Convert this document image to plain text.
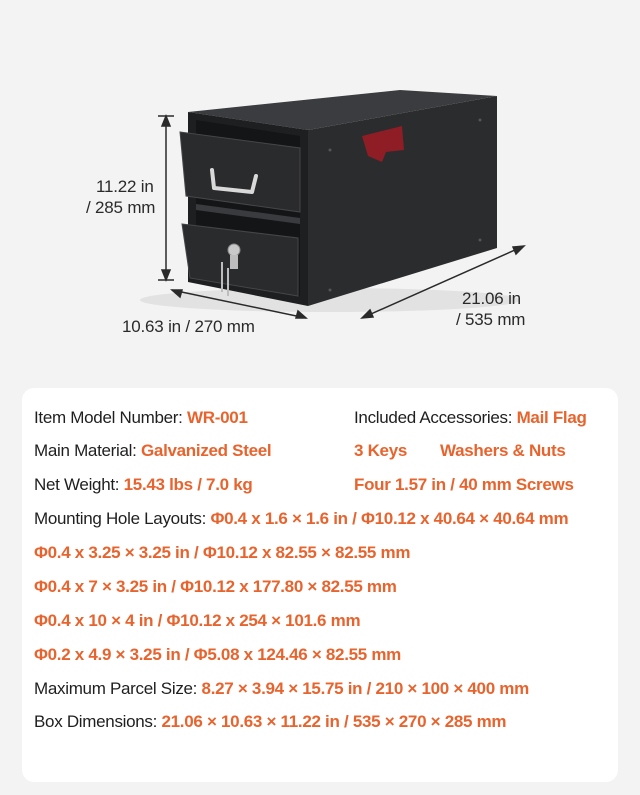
11.22 in
/ 285 mm
10.63 in / 270 mm
21.06 in
/ 535 mm
Item Model Number: WR-001	Included Accessories: Mail Flag
Main Material: Galvanized Steel	3 Keys Washers & Nuts
Net Weight: 15.43 lbs / 7.0 kg	Four 1.57 in / 40 mm Screws
Mounting Hole Layouts: Φ0.4 x 1.6 × 1.6 in / Φ10.12 x 40.64 × 40.64 mm
Φ0.4 x 3.25 × 3.25 in / Φ10.12 x 82.55 × 82.55 mm
Φ0.4 x 7 × 3.25 in / Φ10.12 x 177.80 × 82.55 mm
Φ0.4 x 10 × 4 in / Φ10.12 x 254 × 101.6 mm
Φ0.2 x 4.9 × 3.25 in / Φ5.08 x 124.46 × 82.55 mm
Maximum Parcel Size: 8.27 × 3.94 × 15.75 in / 210 × 100 × 400 mm
Box Dimensions: 21.06 × 10.63 × 11.22 in / 535 × 270 × 285 mm
